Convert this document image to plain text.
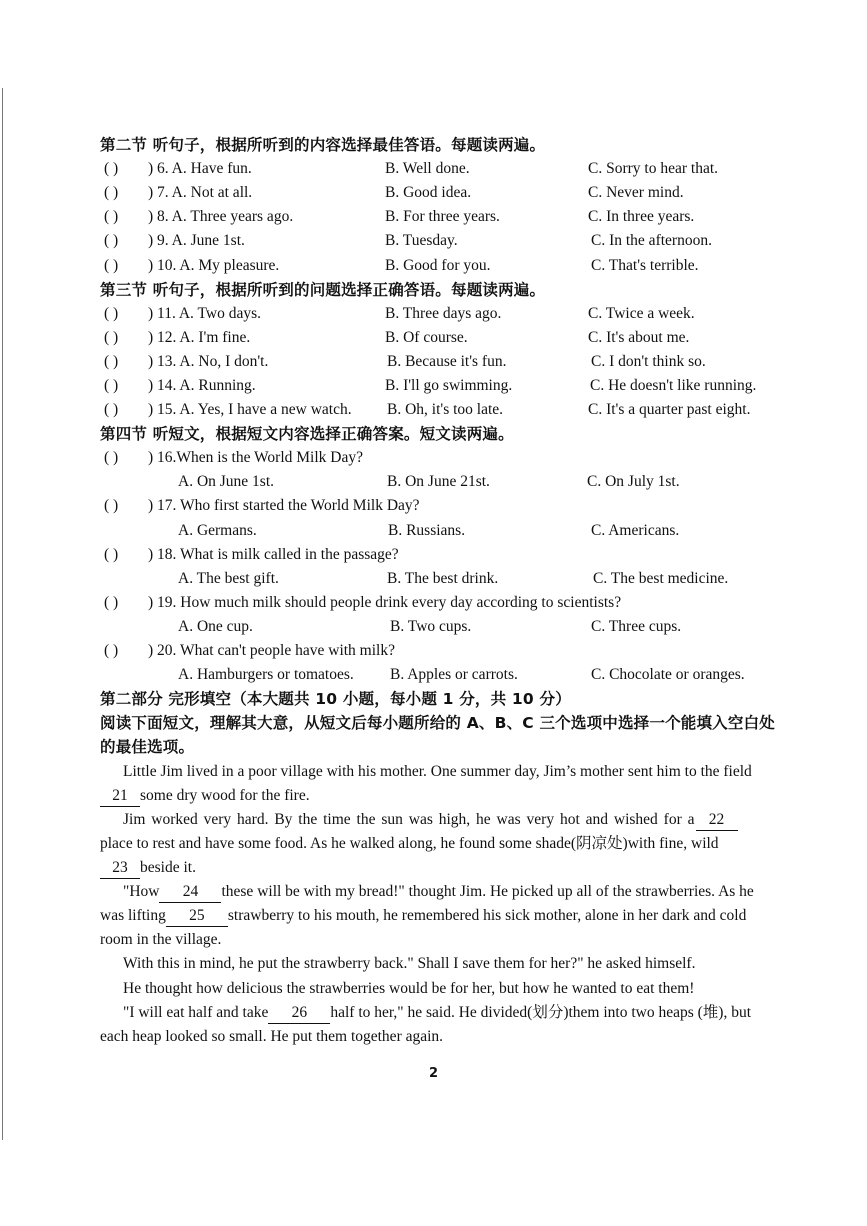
第二节 听句子，根据所听到的内容选择最佳答语。每题读两遍。
( ) ) 6. A. Have fun.	B. Well done.	C. Sorry to hear that.
( ) ) 7. A. Not at all.	B. Good idea.	C. Never mind.
( ) ) 8. A. Three years ago.	B. For three years.	C. In three years.
( ) ) 9. A. June 1st.	B. Tuesday.	C. In the afternoon.
( ) ) 10. A. My pleasure.	B. Good for you.	C. That's terrible.
第三节 听句子，根据所听到的问题选择正确答语。每题读两遍。
( ) ) 11. A. Two days.	B. Three days ago.	C. Twice a week.
( ) ) 12. A. I'm fine.	B. Of course.	C. It's about me.
( ) ) 13. A. No, I don't.	B. Because it's fun.	C. I don't think so.
( ) ) 14. A. Running.	B. I'll go swimming.	C. He doesn't like running.
( ) ) 15. A. Yes, I have a new watch. B. Oh, it's too late.	C. It's a quarter past eight.
第四节 听短文，根据短文内容选择正确答案。短文读两遍。
( ) ) 16.When is the World Milk Day?
A. On June 1st.	B. On June 21st.	C. On July 1st.
( ) ) 17. Who first started the World Milk Day?
A. Germans.	B. Russians.	C. Americans.
( ) ) 18. What is milk called in the passage?
A. The best gift.	B. The best drink.	C. The best medicine.
( ) ) 19. How much milk should people drink every day according to scientists?
A. One cup.	B. Two cups.	C. Three cups.
( ) ) 20. What can't people have with milk?
A. Hamburgers or tomatoes. B. Apples or carrots.	C. Chocolate or oranges.
第二部分 完形填空（本大题共 10 小题，每小题 1 分，共 10 分）
阅读下面短文，理解其大意，从短文后每小题所给的 A、B、C 三个选项中选择一个能填入空白处
的最佳选项。
Little Jim lived in a poor village with his mother. One summer day, Jim’s mother sent him to the field
21 some dry wood for the fire.
Jim worked very hard. By the time the sun was high, he was very hot and wished for a 22
place to rest and have some food. As he walked along, he found some shade(阴凉处)with fine, wild
23 beside it.
"How 24 these will be with my bread!" thought Jim. He picked up all of the strawberries. As he
was lifting 25 strawberry to his mouth, he remembered his sick mother, alone in her dark and cold
room in the village.
With this in mind, he put the strawberry back." Shall I save them for her?" he asked himself.
He thought how delicious the strawberries would be for her, but how he wanted to eat them!
"I will eat half and take 26 half to her," he said. He divided(划分)them into two heaps (堆), but
each heap looked so small. He put them together again.
2
